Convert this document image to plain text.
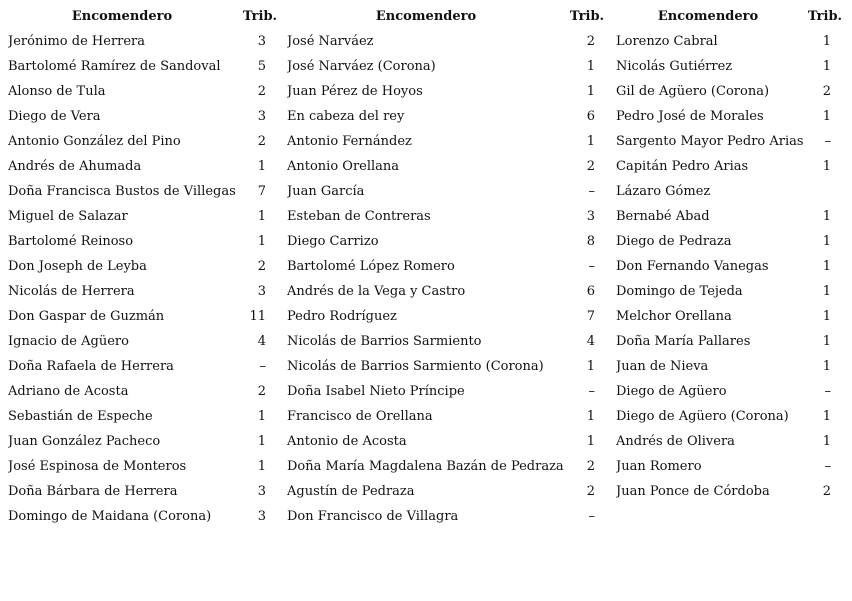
Encomendero	Trib.
Jerónimo de Herrera	3
Bartolomé Ramírez de Sandoval	5
Alonso de Tula	2
Diego de Vera	3
Antonio González del Pino	2
Andrés de Ahumada	1
Doña Francisca Bustos de Villegas	7
Miguel de Salazar	1
Bartolomé Reinoso	1
Don Joseph de Leyba	2
Nicolás de Herrera	3
Don Gaspar de Guzmán	11
Ignacio de Agüero	4
Doña Rafaela de Herrera	–
Adriano de Acosta	2
Sebastián de Espeche	1
Juan González Pacheco	1
José Espinosa de Monteros	1
Doña Bárbara de Herrera	3
Domingo de Maidana (Corona)	3
Encomendero	Trib.
José Narváez	2
José Narváez (Corona)	1
Juan Pérez de Hoyos	1
En cabeza del rey	6
Antonio Fernández	1
Antonio Orellana	2
Juan García	–
Esteban de Contreras	3
Diego Carrizo	8
Bartolomé López Romero	–
Andrés de la Vega y Castro	6
Pedro Rodríguez	7
Nicolás de Barrios Sarmiento	4
Nicolás de Barrios Sarmiento (Corona)	1
Doña Isabel Nieto Príncipe	–
Francisco de Orellana	1
Antonio de Acosta	1
Doña María Magdalena Bazán de Pedraza	2
Agustín de Pedraza	2
Don Francisco de Villagra	–
Encomendero	Trib.
Lorenzo Cabral	1
Nicolás Gutiérrez	1
Gil de Agüero (Corona)	2
Pedro José de Morales	1
Sargento Mayor Pedro Arias	–
Capitán Pedro Arias	1
Lázaro Gómez
Bernabé Abad	1
Diego de Pedraza	1
Don Fernando Vanegas	1
Domingo de Tejeda	1
Melchor Orellana	1
Doña María Pallares	1
Juan de Nieva	1
Diego de Agüero	–
Diego de Agüero (Corona)	1
Andrés de Olivera	1
Juan Romero	–
Juan Ponce de Córdoba	2
